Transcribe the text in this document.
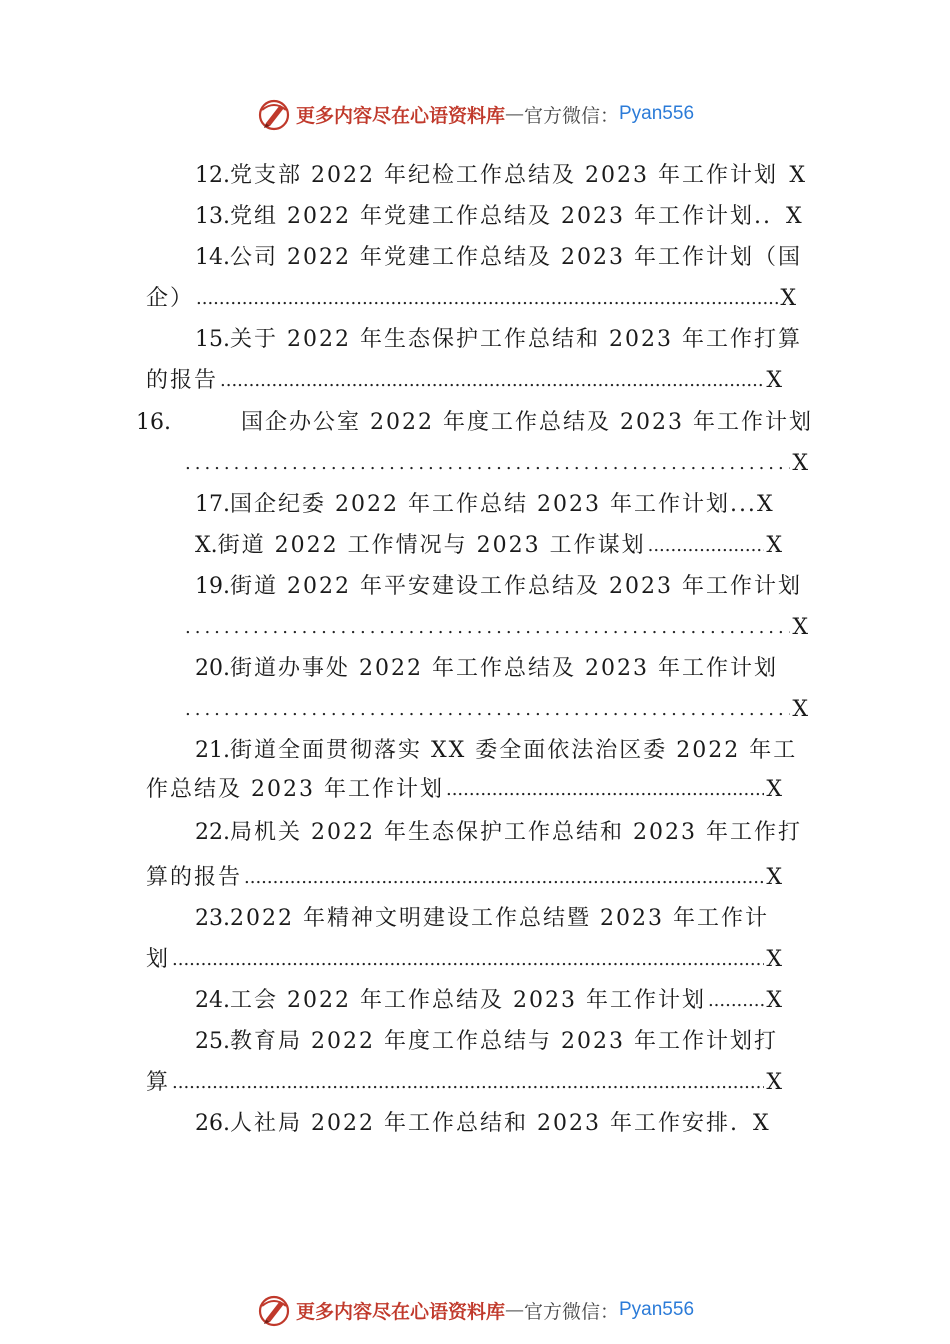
更多内容尽在心语资料库 — 官方微信： Pyan556
12. 党支部 2022 年纪检工作总结及 2023 年工作计划 X
13. 党组 2022 年党建工作总结及 2023 年工作计划.. X
14. 公司 2022 年党建工作总结及 2023 年工作计划（国
企） .....	X
15. 关于 2022 年生态保护工作总结和 2023 年工作打算
的报告 .....	X
16.	国企办公室 2022 年度工作总结及 2023 年工作计划
.....
X
17. 国企纪委 2022 年工作总结 2023 年工作计划... X
X. 街道 2022 工作情况与 2023 工作谋划 .....	X
19. 街道 2022 年平安建设工作总结及 2023 年工作计划
.....
X
20. 街道办事处 2022 年工作总结及 2023 年工作计划
.....
X
21. 街道全面贯彻落实 XX 委全面依法治区委 2022 年工
作总结及 2023 年工作计划 .....	X
22. 局机关 2022 年生态保护工作总结和 2023 年工作打
算的报告 .....	X
23. 2022 年精神文明建设工作总结暨 2023 年工作计
划 .....	X
24. 工会 2022 年工作总结及 2023 年工作计划 .....	X
25. 教育局 2022 年度工作总结与 2023 年工作计划打
算 .....	X
26. 人社局 2022 年工作总结和 2023 年工作安排. X
更多内容尽在心语资料库 — 官方微信： Pyan556
